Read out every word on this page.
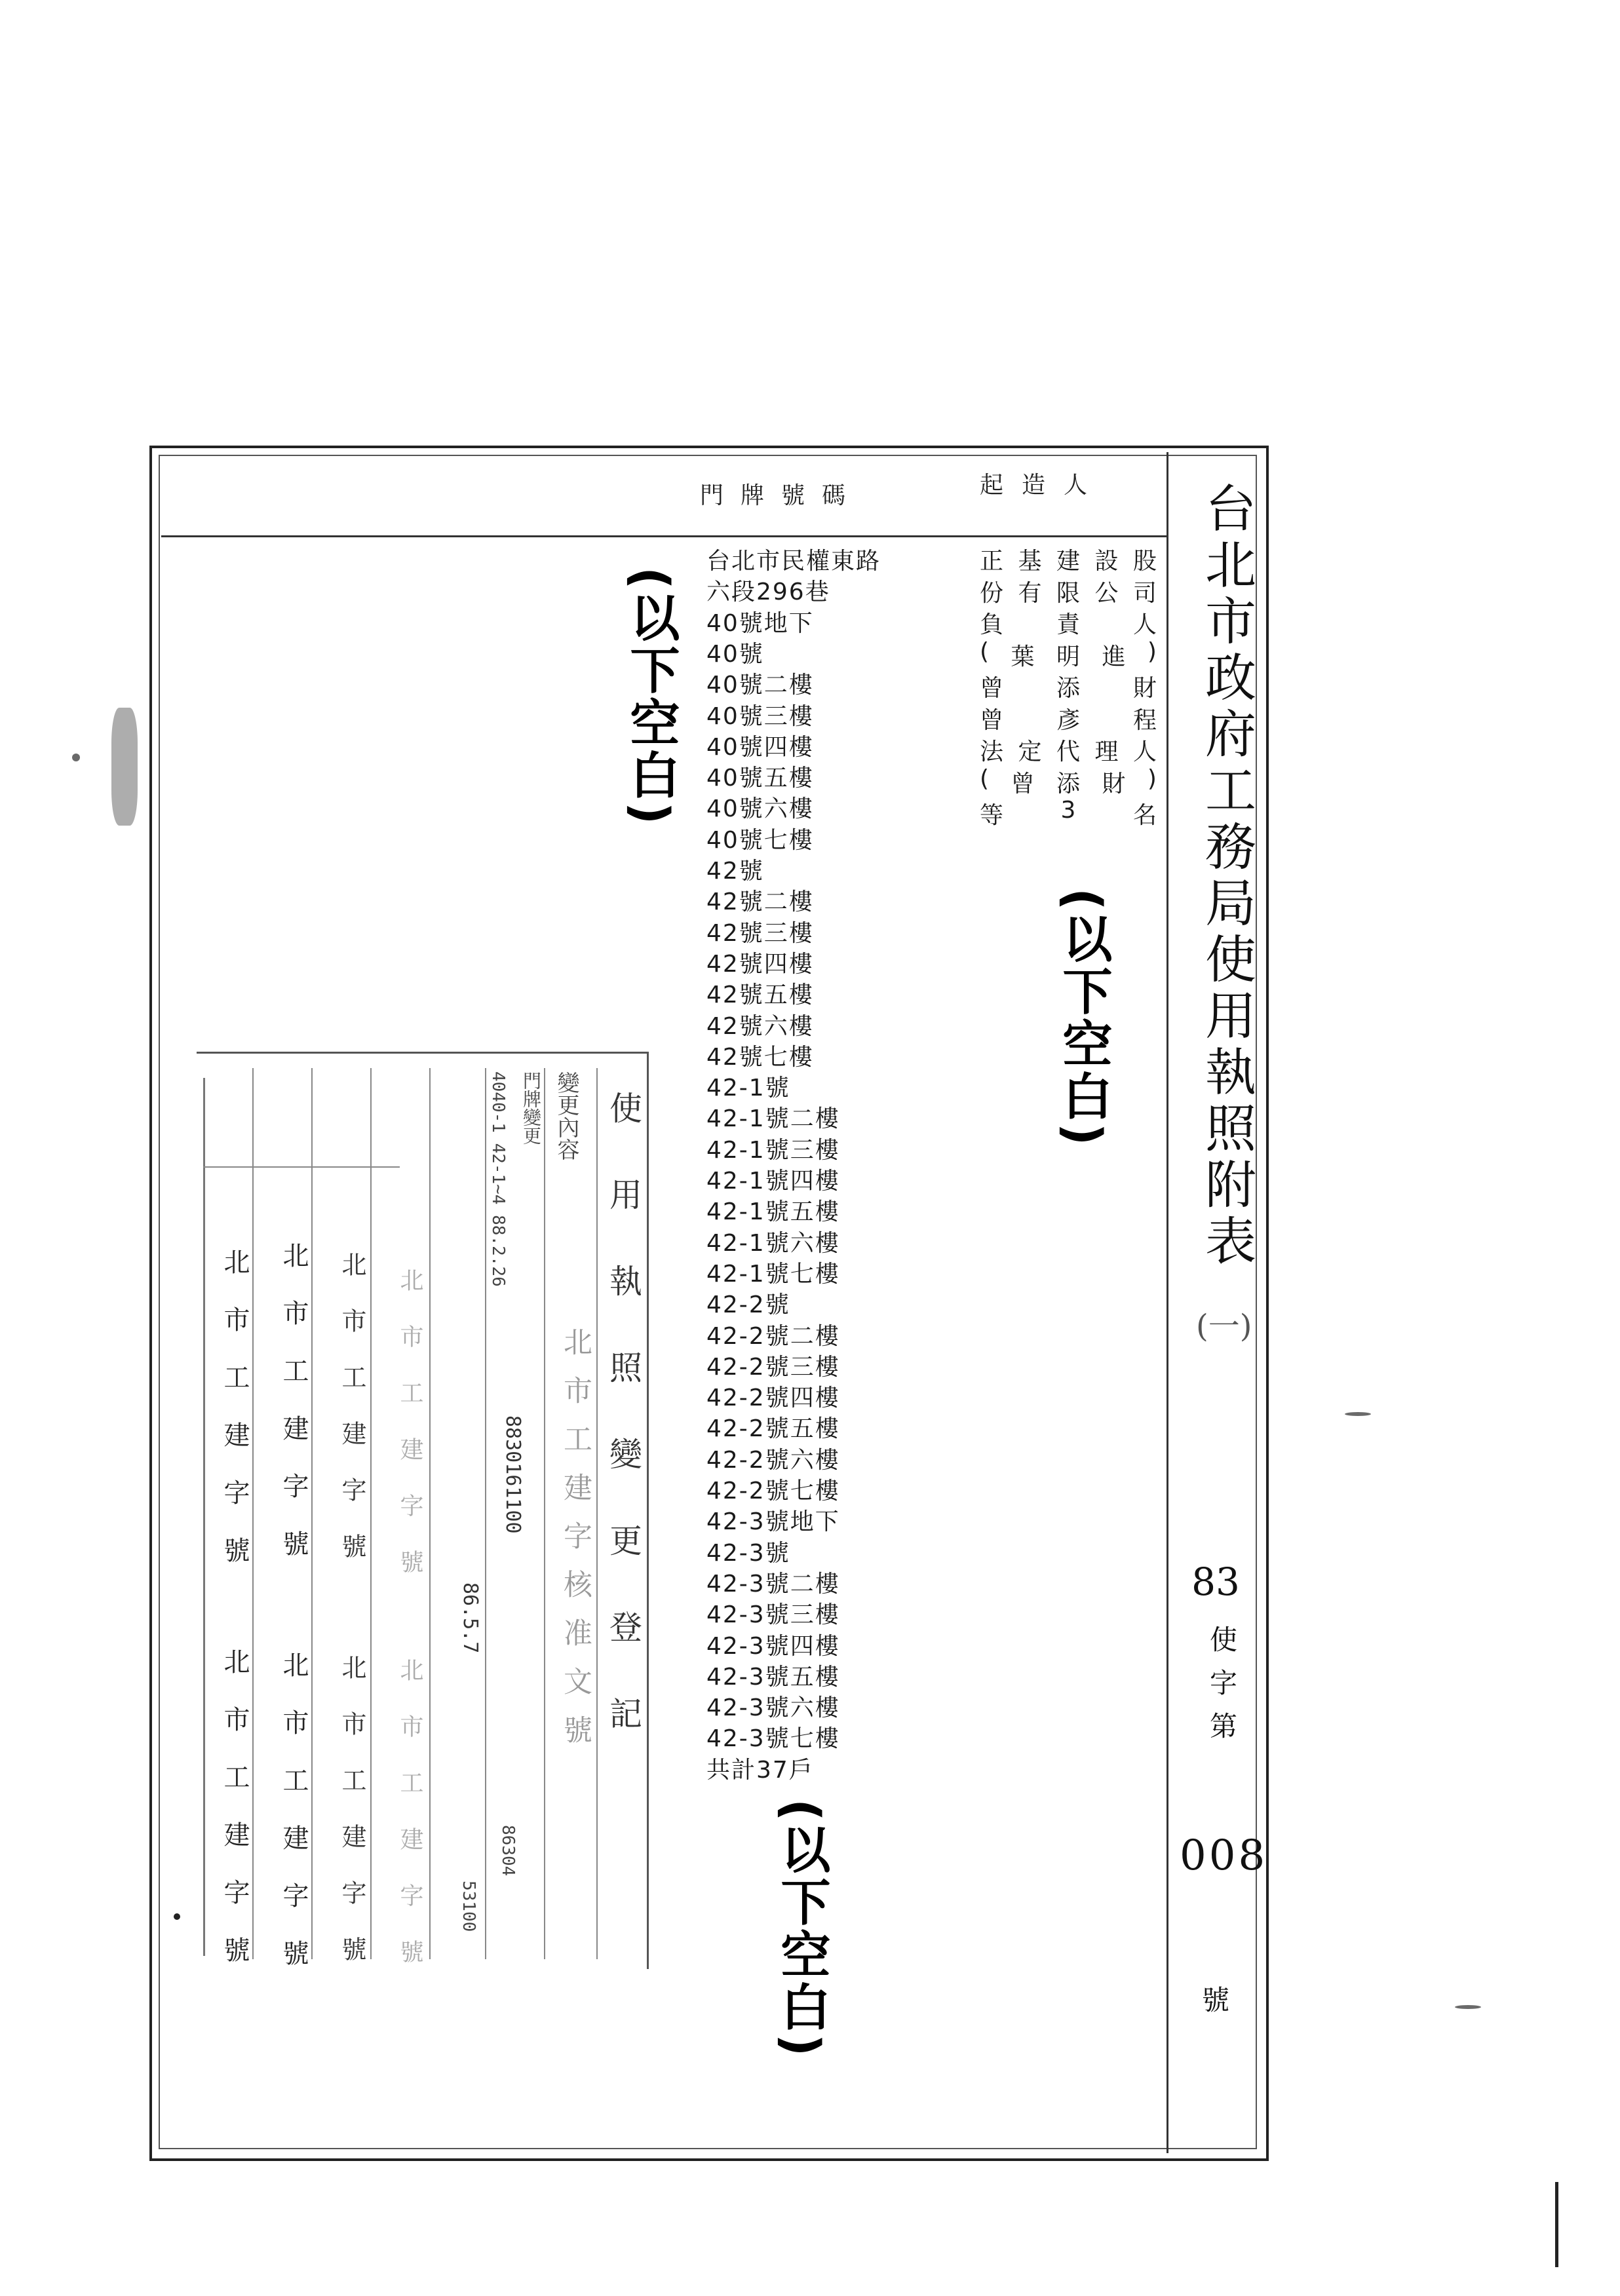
台北市政府工務局使用執照附表
(一)
83
使字第
008
號
起造人
門牌號碼
正 基 建 設 股
份 有 限 公 司
負 責 人
( 葉 明 進 )
曾 添 財
曾 彥 程
法 定 代 理 人
( 曾 添 財 )
等 3 名
台北市民權東路
六段296巷
40號地下
40號
40號二樓
40號三樓
40號四樓
40號五樓
40號六樓
40號七樓
42號
42號二樓
42號三樓
42號四樓
42號五樓
42號六樓
42號七樓
42-1號
42-1號二樓
42-1號三樓
42-1號四樓
42-1號五樓
42-1號六樓
42-1號七樓
42-2號
42-2號二樓
42-2號三樓
42-2號四樓
42-2號五樓
42-2號六樓
42-2號七樓
42-3號地下
42-3號
42-3號二樓
42-3號三樓
42-3號四樓
42-3號五樓
42-3號六樓
42-3號七樓
共計37戶
(以下空白)
(以下空白)
(以下空白)
使用執照變更登記
北市工建字核准文號
變更內容
門牌變更
4040-1 42-1~4 88.2.26
8830161100
86.5.7
86304
53100
北市工建字號 北市工建字號 北市工建字號 北市工建字號
北市工建字號 北市工建字號 北市工建字號 北市工建字號
